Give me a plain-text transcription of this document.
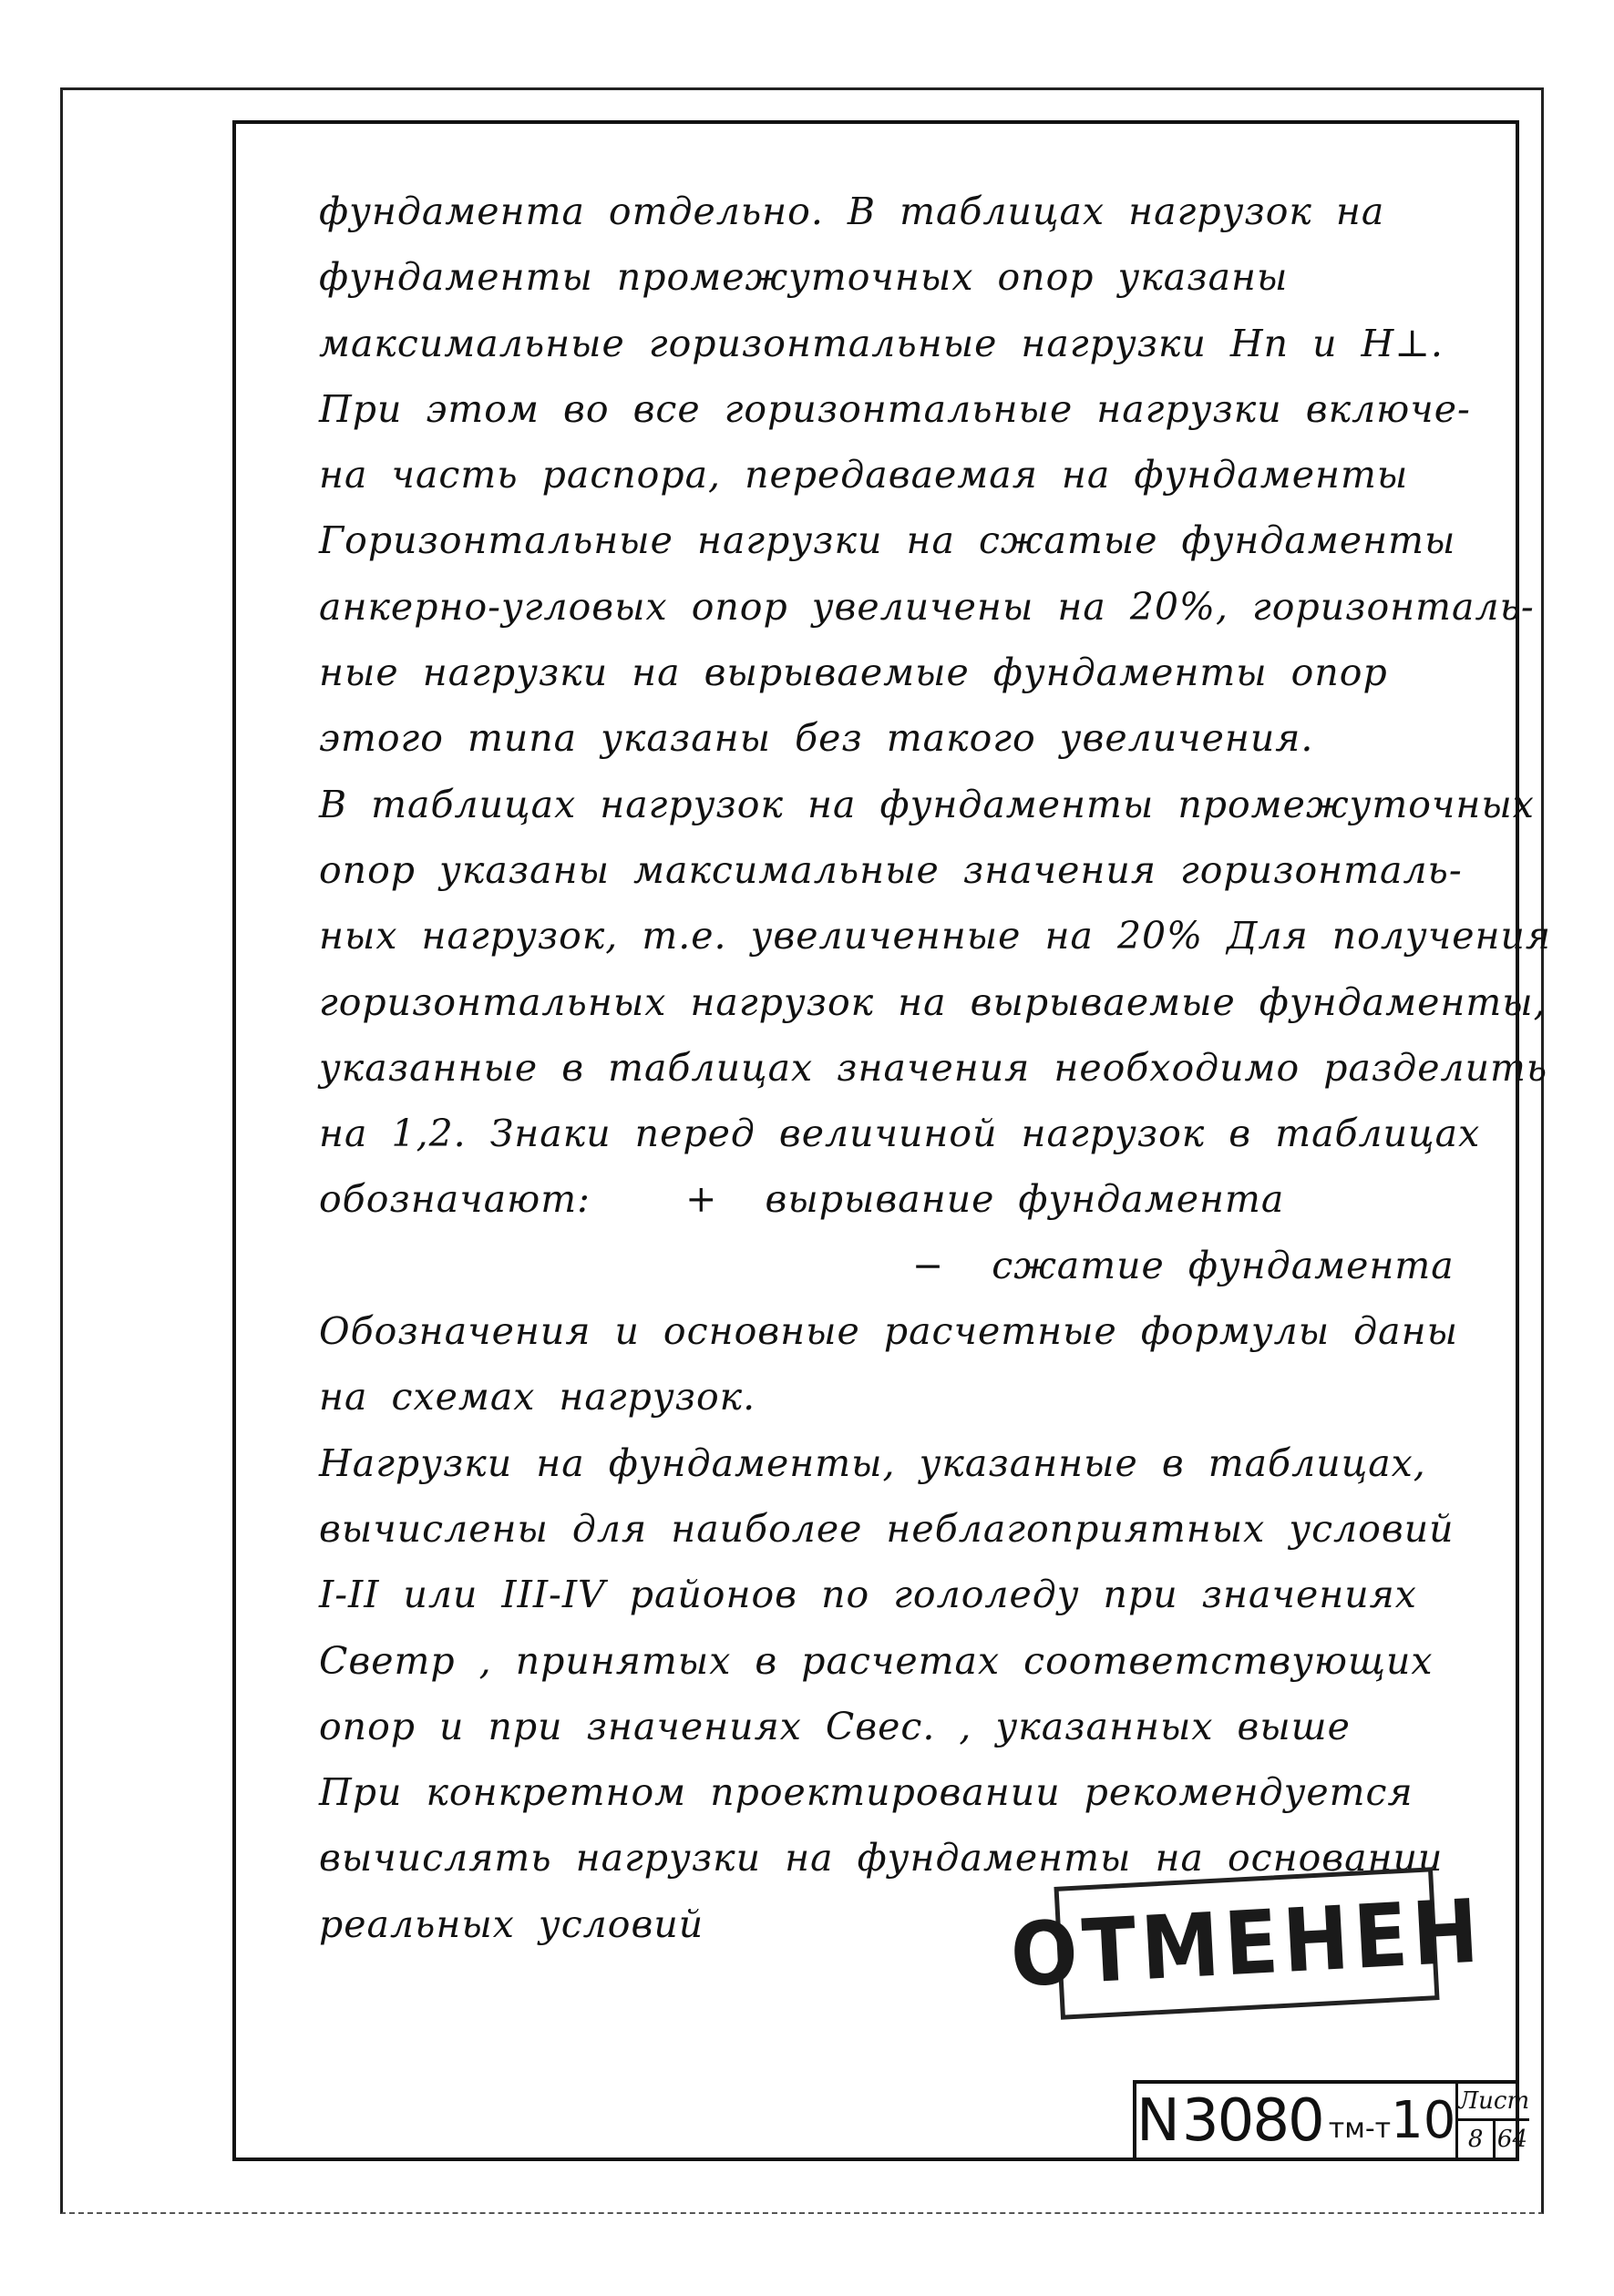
фундамента отдельно. В таблицах нагрузок на
фундаменты промежуточных опор указаны
максимальные горизонтальные нагрузки Hп и H⊥.
При этом во все горизонтальные нагрузки включе-
на часть распора, передаваемая на фундаменты
Горизонтальные нагрузки на сжатые фундаменты
анкерно-угловых опор увеличены на 20%, горизонталь-
ные нагрузки на вырываемые фундаменты опор
этого типа указаны без такого увеличения.
В таблицах нагрузок на фундаменты промежуточных
опор указаны максимальные значения горизонталь-
ных нагрузок, т.е. увеличенные на 20% Для получения
горизонтальных нагрузок на вырываемые фундаменты,
указанные в таблицах значения необходимо разделить
на 1,2. Знаки перед величиной нагрузок в таблицах
обозначают:    +  вырывание фундамента
−  сжатие фундамента
Обозначения и основные расчетные формулы даны
на схемах нагрузок.
Нагрузки на фундаменты, указанные в таблицах,
вычислены для наиболее неблагоприятных условий
I-II или III-IV районов по гололеду при значениях
Cветр , принятых в расчетах соответствующих
опор и при значениях Cвес. , указанных выше
При конкретном проектировании рекомендуется
вычислять нагрузки на фундаменты на основании
реальных условий	ОТМЕНЕН
N 3080 тм-т 10 Лист
8 64
